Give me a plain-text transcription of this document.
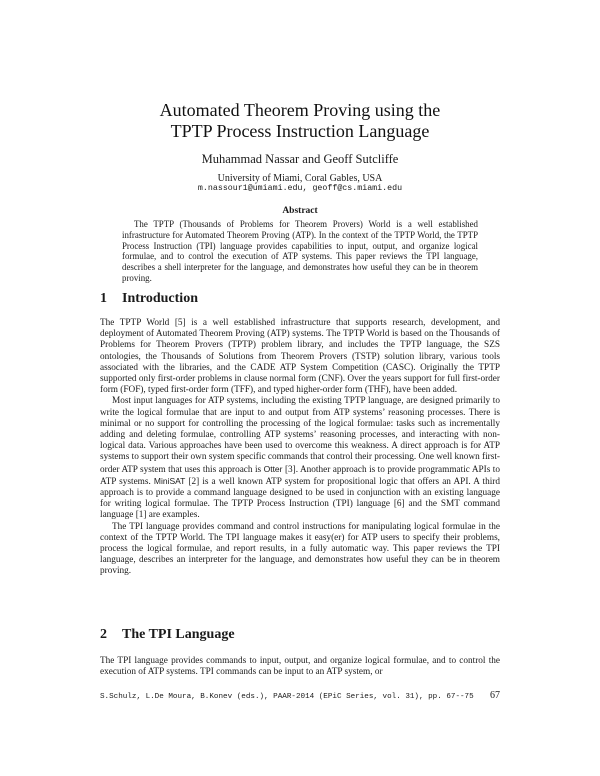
Automated Theorem Proving using the
TPTP Process Instruction Language
Muhammad Nassar and Geoff Sutcliffe
University of Miami, Coral Gables, USA
m.nassour1@umiami.edu, geoff@cs.miami.edu
Abstract
The TPTP (Thousands of Problems for Theorem Provers) World is a well established infrastructure for Automated Theorem Proving (ATP). In the context of the TPTP World, the TPTP Process Instruction (TPI) language provides capabilities to input, output, and organize logical formulae, and to control the execution of ATP systems. This paper reviews the TPI language, describes a shell interpreter for the language, and demonstrates how useful they can be in theorem proving.
1 Introduction

The TPTP World [5] is a well established infrastructure that supports research, development, and deployment of Automated Theorem Proving (ATP) systems. The TPTP World is based on the Thousands of Problems for Theorem Provers (TPTP) problem library, and includes the TPTP language, the SZS ontologies, the Thousands of Solutions from Theorem Provers (TSTP) solution library, various tools associated with the libraries, and the CADE ATP System Competition (CASC). Originally the TPTP supported only first-order problems in clause normal form (CNF). Over the years support for full first-order form (FOF), typed first-order form (TFF), and typed higher-order form (THF), have been added.

Most input languages for ATP systems, including the existing TPTP language, are designed primarily to write the logical formulae that are input to and output from ATP systems’ reasoning processes. There is minimal or no support for controlling the processing of the logical formulae: tasks such as incrementally adding and deleting formulae, controlling ATP systems’ reasoning processes, and interacting with non-logical data. Various approaches have been used to overcome this weakness. A direct approach is for ATP systems to support their own system specific commands that control their processing. One well known first-order ATP system that uses this approach is Otter [3]. Another approach is to provide programmatic APIs to ATP systems. MiniSAT [2] is a well known ATP system for propositional logic that offers an API. A third approach is to provide a command language designed to be used in conjunction with an existing language for writing logical formulae. The TPTP Process Instruction (TPI) language [6] and the SMT command language [1] are examples.

The TPI language provides command and control instructions for manipulating logical formulae in the context of the TPTP World. The TPI language makes it easy(er) for ATP users to specify their problems, process the logical formulae, and report results, in a fully automatic way. This paper reviews the TPI language, describes an interpreter for the language, and demonstrates how useful they can be in theorem proving.

2 The TPI Language

The TPI language provides commands to input, output, and organize logical formulae, and to control the execution of ATP systems. TPI commands can be input to an ATP system, or

S.Schulz, L.De Moura, B.Konev (eds.), PAAR-2014 (EPiC Series, vol. 31), pp. 67--75 67
